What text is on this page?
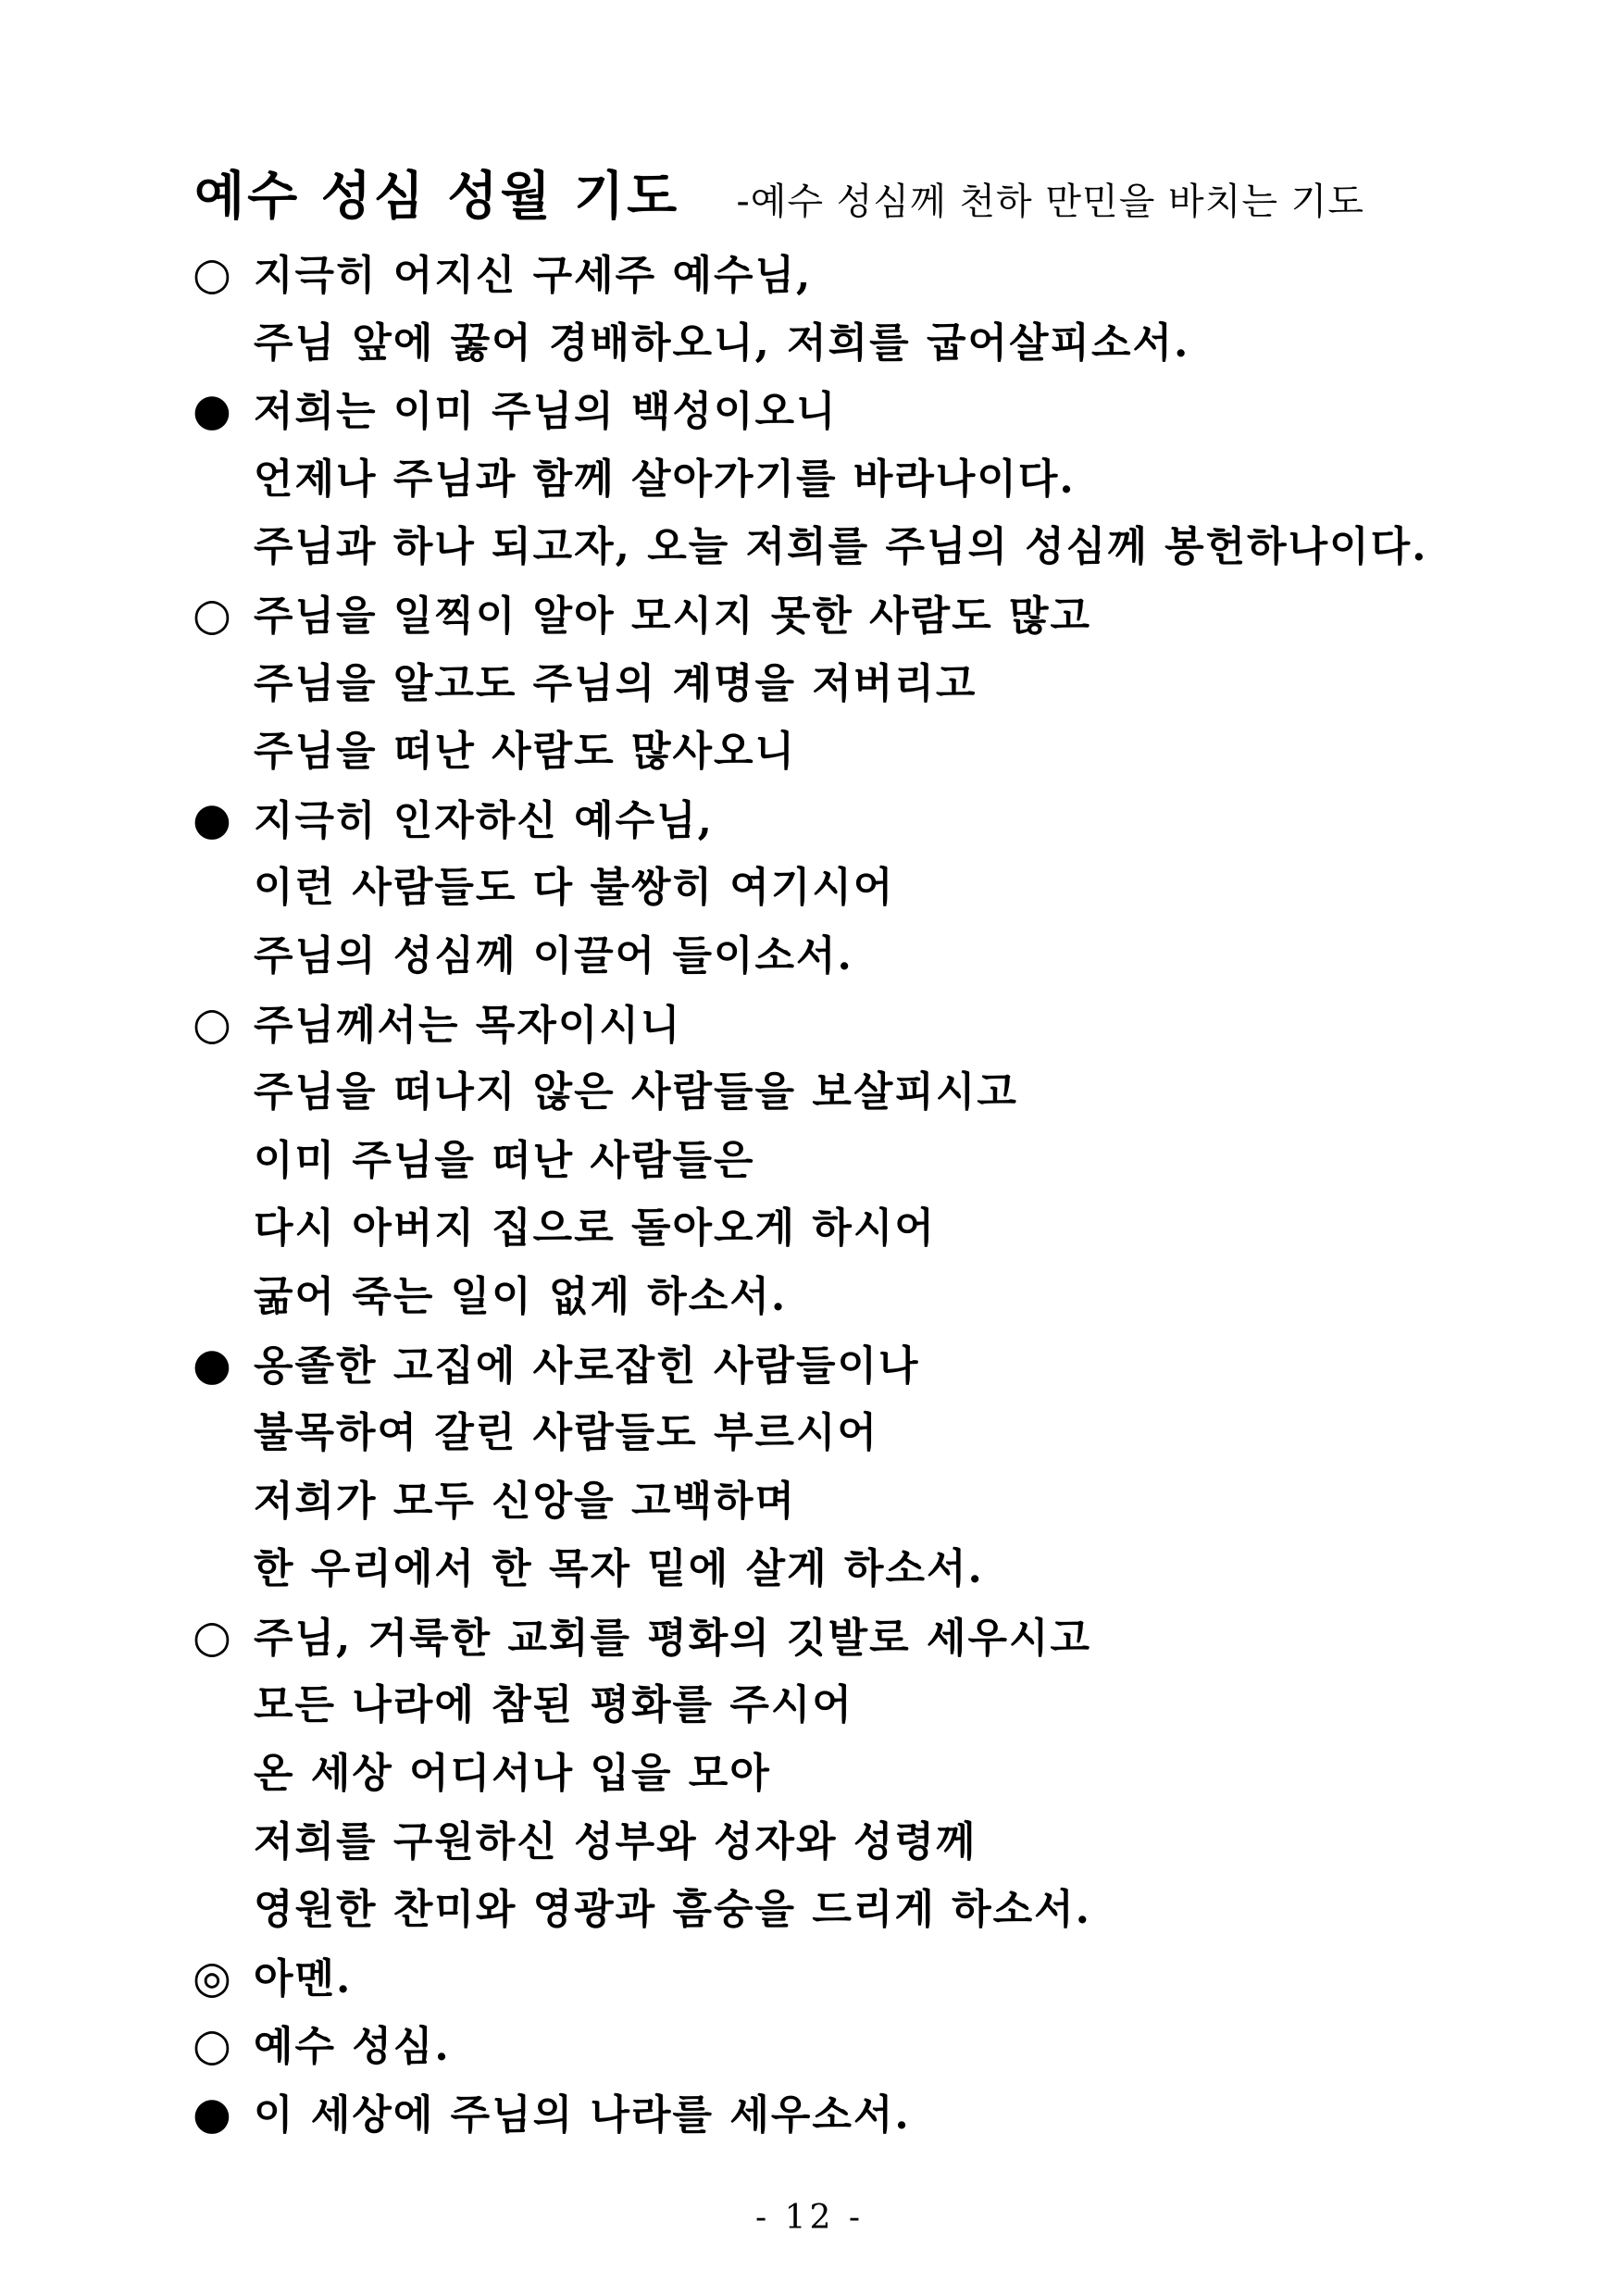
예수 성심 성월 기도 -예수 성심께 천하 만민을 바치는 기도
○ 지극히 어지신 구세주 예수님,
주님 앞에 꿇어 경배하오니, 저희를 굽어살피소서.
● 저희는 이미 주님의 백성이오니
언제나 주님과 함께 살아가기를 바라나이다.
주님과 하나 되고자, 오늘 저희를 주님의 성심께 봉헌하나이다.
○ 주님을 일찍이 알아 모시지 못한 사람도 많고
주님을 알고도 주님의 계명을 저버리고
주님을 떠난 사람도 많사오니
● 지극히 인자하신 예수님,
이런 사람들도 다 불쌍히 여기시어
주님의 성심께 이끌어 들이소서.
○ 주님께서는 목자이시니
주님을 떠나지 않은 사람들을 보살피시고
이미 주님을 떠난 사람들은
다시 아버지 집으로 돌아오게 하시어
굶어 죽는 일이 없게 하소서.
● 옹졸한 고집에 사로잡힌 사람들이나
불목하여 갈린 사람들도 부르시어
저희가 모두 신앙을 고백하며
한 우리에서 한 목자 밑에 살게 하소서.
○ 주님, 거룩한 교회를 평화의 깃발로 세우시고
모든 나라에 참된 평화를 주시어
온 세상 어디서나 입을 모아
저희를 구원하신 성부와 성자와 성령께
영원한 찬미와 영광과 흠숭을 드리게 하소서.
◎ 아멘.
○ 예수 성심.
● 이 세상에 주님의 나라를 세우소서.
- 12 -
